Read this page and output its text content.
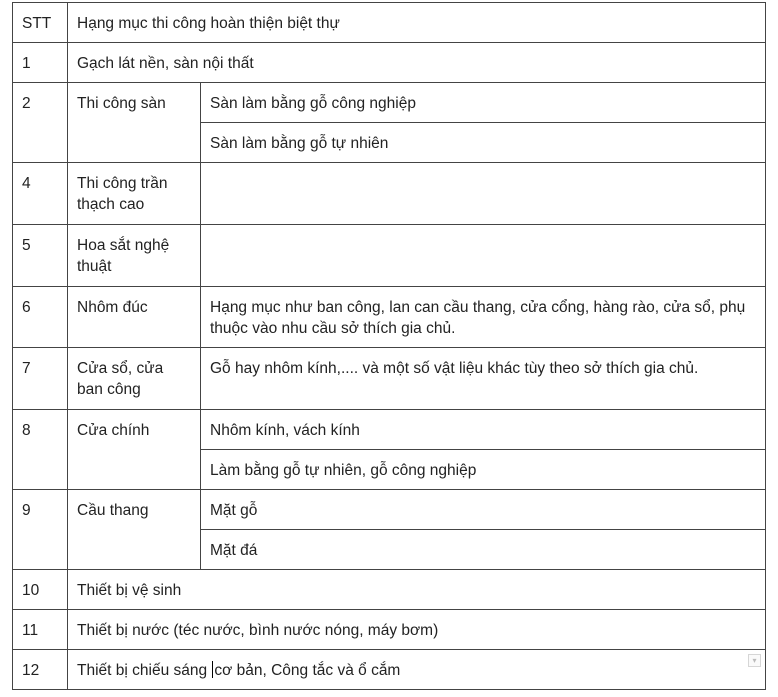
STT	Hạng mục thi công hoàn thiện biệt thự	
1	Gạch lát nền, sàn nội thất	
2	Thi công sàn	Sàn làm bằng gỗ công nghiệp
		Sàn làm bằng gỗ tự nhiên
4	Thi công trần thạch cao	
5	Hoa sắt nghệ thuật	
6	Nhôm đúc	Hạng mục như ban công, lan can cầu thang, cửa cổng, hàng rào, cửa sổ, phụ thuộc vào nhu cầu sở thích gia chủ.
7	Cửa sổ, cửa ban công	Gỗ hay nhôm kính,.... và một số vật liệu khác tùy theo sở thích gia chủ.
8	Cửa chính	Nhôm kính, vách kính
		Làm bằng gỗ tự nhiên, gỗ công nghiệp
9	Cầu thang	Mặt gỗ
		Mặt đá
10	Thiết bị vệ sinh	
11	Thiết bị nước (téc nước, bình nước nóng, máy bơm)	
12	Thiết bị chiếu sáng cơ bản, Công tắc và ổ cắm
▾	
